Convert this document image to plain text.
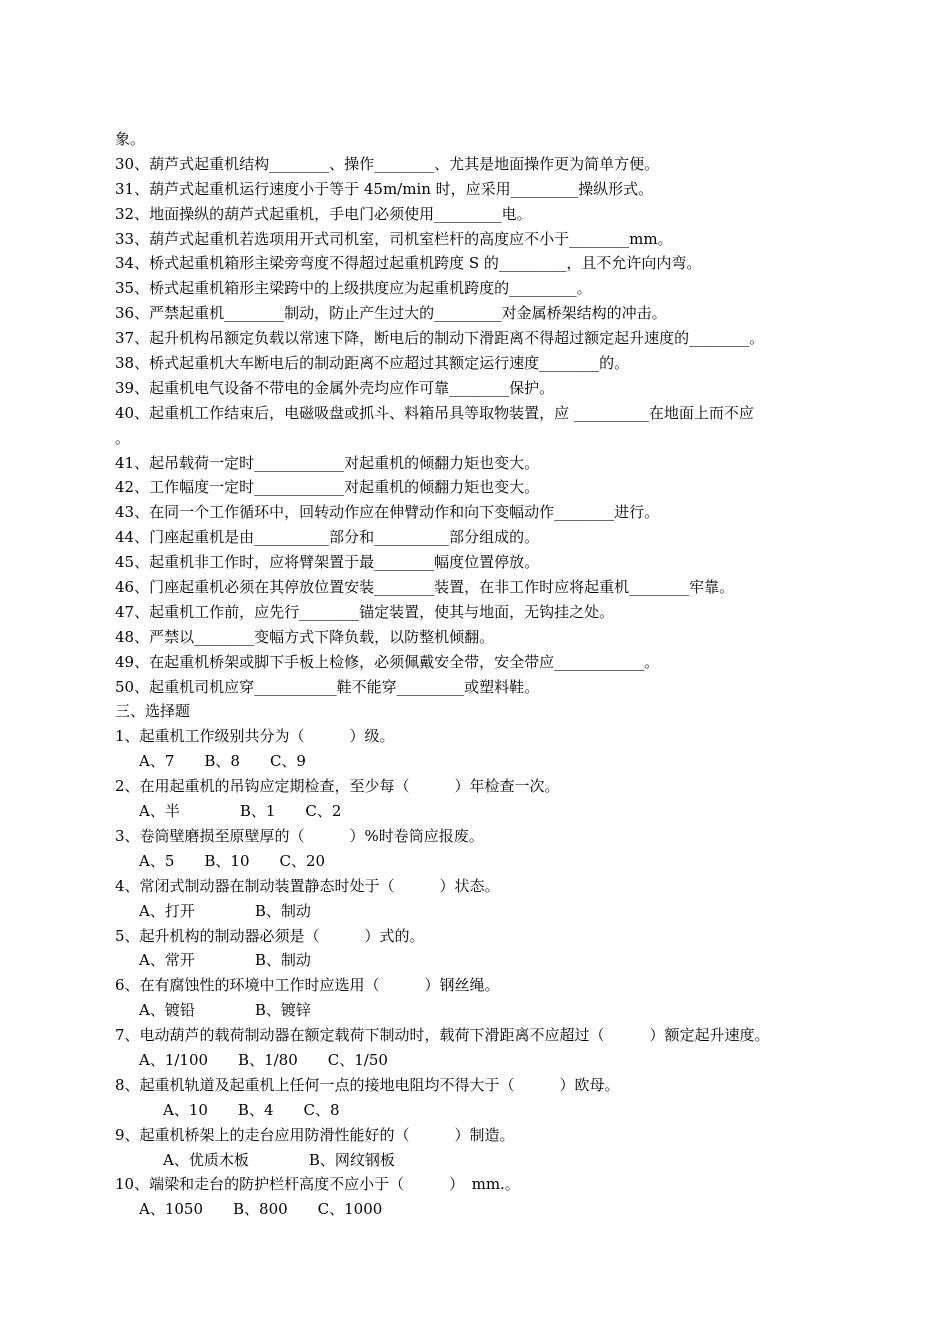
象。
30、葫芦式起重机结构________、操作________、尤其是地面操作更为简单方便。
31、葫芦式起重机运行速度小于等于 45m/min 时，应采用_________操纵形式。
32、地面操纵的葫芦式起重机，手电门必须使用_________电。
33、葫芦式起重机若选项用开式司机室，司机室栏杆的高度应不小于________mm。
34、桥式起重机箱形主梁旁弯度不得超过起重机跨度 S 的_________，且不允许向内弯。
35、桥式起重机箱形主梁跨中的上级拱度应为起重机跨度的_________。
36、严禁起重机________制动，防止产生过大的_________对金属桥架结构的冲击。
37、起升机构吊额定负载以常速下降，断电后的制动下滑距离不得超过额定起升速度的________。
38、桥式起重机大车断电后的制动距离不应超过其额定运行速度________的。
39、起重机电气设备不带电的金属外壳均应作可靠________保护。
40、起重机工作结束后，电磁吸盘或抓斗、料箱吊具等取物装置，应 __________在地面上而不应
。
41、起吊载荷一定时____________对起重机的倾翻力矩也变大。
42、工作幅度一定时____________对起重机的倾翻力矩也变大。
43、在同一个工作循环中，回转动作应在伸臂动作和向下变幅动作________进行。
44、门座起重机是由__________部分和__________部分组成的。
45、起重机非工作时，应将臂架置于最________幅度位置停放。
46、门座起重机必须在其停放位置安装________装置，在非工作时应将起重机________牢靠。
47、起重机工作前，应先行________锚定装置，使其与地面，无钩挂之处。
48、严禁以________变幅方式下降负载，以防整机倾翻。
49、在起重机桥架或脚下手板上检修，必须佩戴安全带，安全带应____________。
50、起重机司机应穿___________鞋不能穿_________或塑料鞋。
三、选择题
1、起重机工作级别共分为（　　　）级。
A、7　　B、8　　C、9
2、在用起重机的吊钩应定期检查，至少每（　　　）年检查一次。
A、半　　　　B、1　　C、2
3、卷筒壁磨损至原壁厚的（　　　）%时卷筒应报废。
A、5　　B、10　　C、20
4、常闭式制动器在制动装置静态时处于（　　　）状态。
A、打开　　　　B、制动
5、起升机构的制动器必须是（　　　）式的。
A、常开　　　　B、制动
6、在有腐蚀性的环境中工作时应选用（　　　）钢丝绳。
A、镀铅　　　　B、镀锌
7、电动葫芦的载荷制动器在额定载荷下制动时，载荷下滑距离不应超过（　　　）额定起升速度。
A、1/100　　B、1/80　　C、1/50
8、起重机轨道及起重机上任何一点的接地电阻均不得大于（　　　）欧母。
A、10　　B、4　　C、8
9、起重机桥架上的走台应用防滑性能好的（　　　）制造。
A、优质木板　　　　B、网纹钢板
10、端梁和走台的防护栏杆高度不应小于（　　　）　mm.。
A、1050　　B、800　　C、1000
